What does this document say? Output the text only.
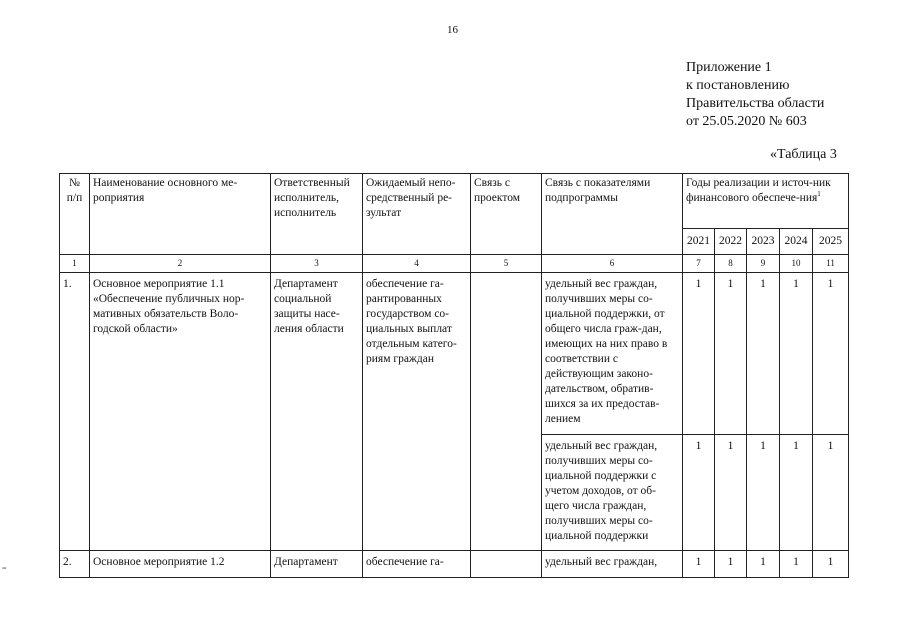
16
Приложение 1
к постановлению
Правительства области
от 25.05.2020 № 603
«Таблица 3
=
№ п/п	Наименование основного ме-роприятия	Ответственный исполнитель, исполнитель	Ожидаемый непо-средственный ре-зультат	Связь с проектом	Связь с показателями подпрограммы	Годы реализации и источ-ник финансового обеспече-ния$^1$
						2021	2022	2023	2024	2025
1	2	3	4	5	6	7	8	9	10	11
1.	Основное мероприятие 1.1 «Обеспечение публичных нор-мативных обязательств Воло-годской области»	Департамент социальной защиты насе-ления области	обеспечение га-рантированных государством со-циальных выплат отдельным катего-риям граждан		удельный вес граждан, получивших меры со-циальной поддержки, от общего числа граж-дан, имеющих на них право в соответствии с действующим законо-дательством, обратив-шихся за их предостав-лением	1	1	1	1	1
					удельный вес граждан, получивших меры со-циальной поддержки с учетом доходов, от об-щего числа граждан, получивших меры со-циальной поддержки	1	1	1	1	1
2.	Основное мероприятие 1.2	Департамент	обеспечение га-		удельный вес граждан,	1	1	1	1	1
